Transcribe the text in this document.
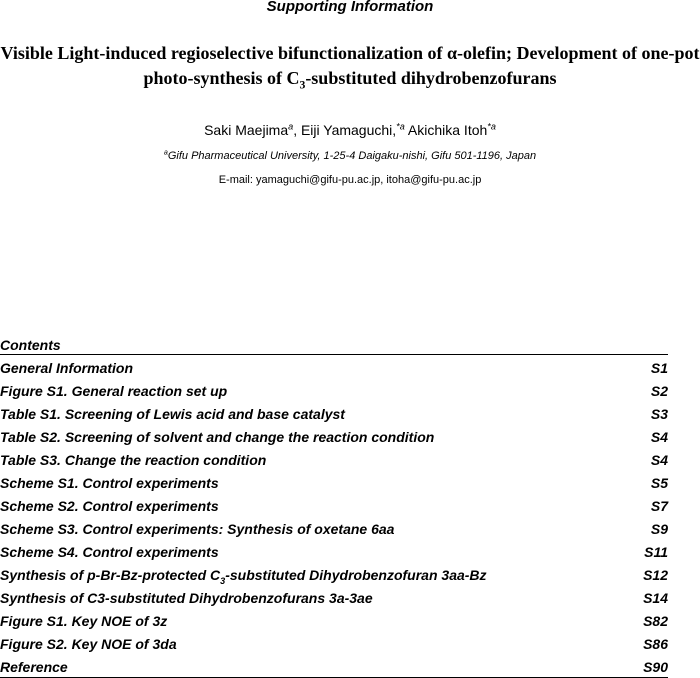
Supporting Information
Visible Light-induced regioselective bifunctionalization of α-olefin; Development of one-pot
photo-synthesis of $C_3$-substituted dihydrobenzofurans
Saki Maejima$^a$, Eiji Yamaguchi,$^{*a}$ Akichika Itoh$^{*a}$
$^a$Gifu Pharmaceutical University, 1-25-4 Daigaku-nishi, Gifu 501-1196, Japan
E-mail: yamaguchi@gifu-pu.ac.jp, itoha@gifu-pu.ac.jp
Contents
General Information	S1
Figure S1. General reaction set up	S2
Table S1. Screening of Lewis acid and base catalyst	S3
Table S2. Screening of solvent and change the reaction condition	S4
Table S3. Change the reaction condition	S4
Scheme S1. Control experiments	S5
Scheme S2. Control experiments	S7
Scheme S3. Control experiments: Synthesis of oxetane 6aa	S9
Scheme S4. Control experiments	S11
Synthesis of p-Br-Bz-protected $C_3$-substituted Dihydrobenzofuran 3aa-Bz	S12
Synthesis of C3-substituted Dihydrobenzofurans 3a-3ae	S14
Figure S1. Key NOE of 3z	S82
Figure S2. Key NOE of 3da	S86
Reference	S90
